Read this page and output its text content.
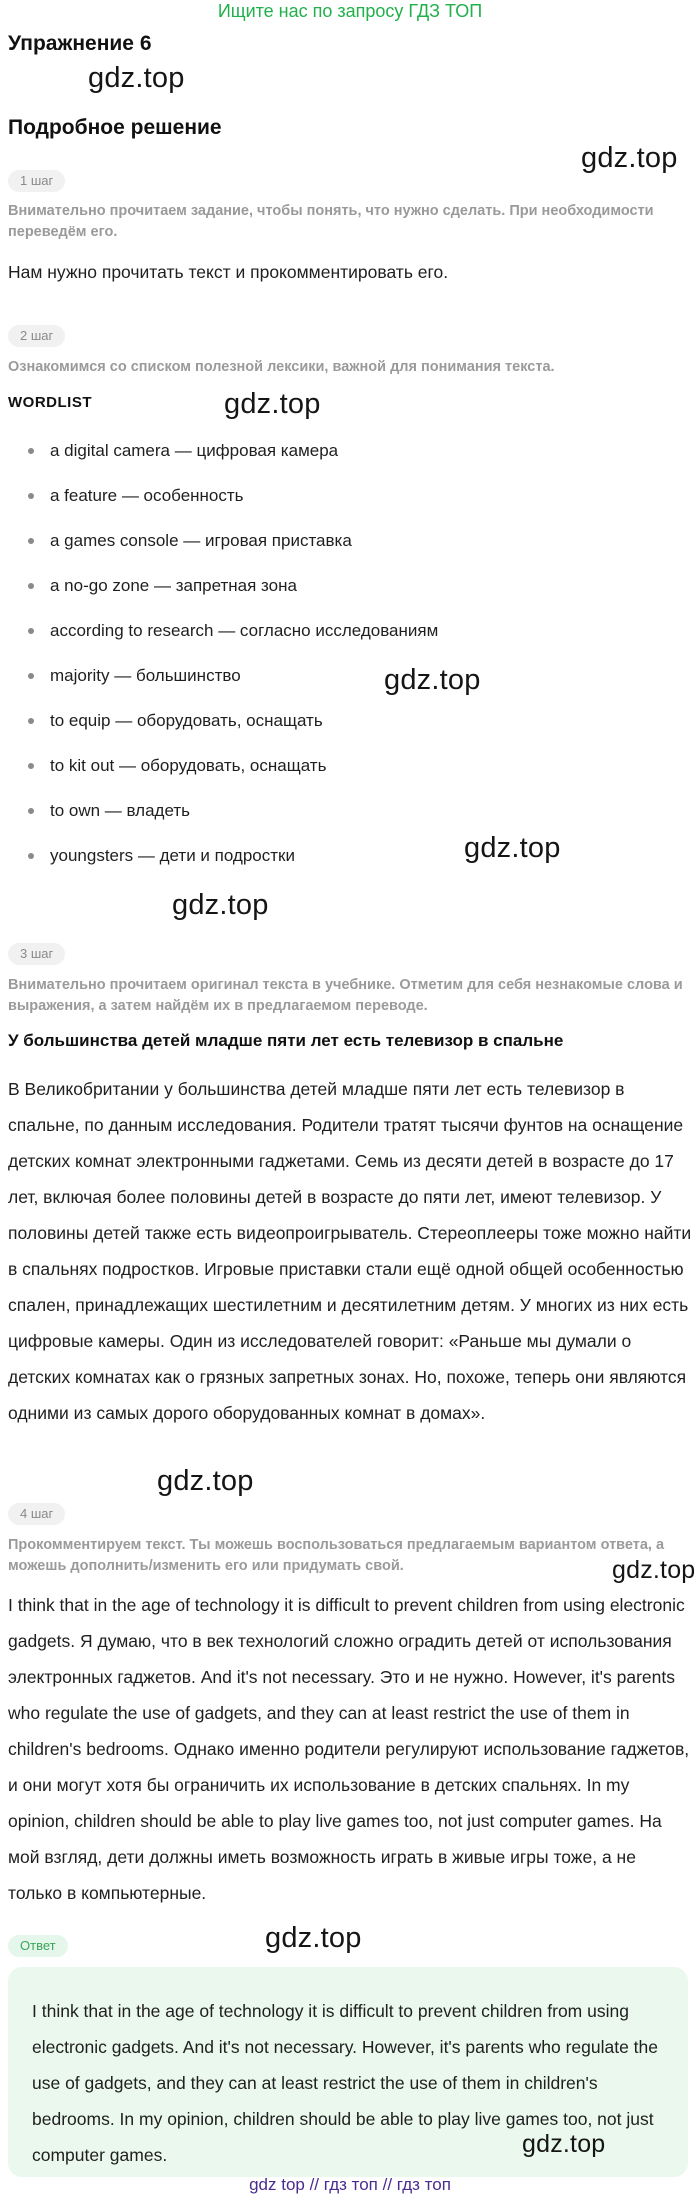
Ищите нас по запросу ГДЗ ТОП
Упражнение 6
gdz.top
Подробное решение
gdz.top
1 шаг
Внимательно прочитаем задание, чтобы понять, что нужно сделать. При необходимости переведём его.
Нам нужно прочитать текст и прокомментировать его.
2 шаг
Ознакомимся со списком полезной лексики, важной для понимания текста.
WORDLIST	gdz.top
a digital camera — цифровая камера
a feature — особенность
a games console — игровая приставка
a no-go zone — запретная зона
according to research — согласно исследованиям
majority — большинство
to equip — оборудовать, оснащать
to kit out — оборудовать, оснащать
to own — владеть
youngsters — дети и подростки
gdz.top
gdz.top
gdz.top
3 шаг
Внимательно прочитаем оригинал текста в учебнике. Отметим для себя незнакомые слова и выражения, а затем найдём их в предлагаемом переводе.
У большинства детей младше пяти лет есть телевизор в спальне
В Великобритании у большинства детей младше пяти лет есть телевизор в спальне, по данным исследования. Родители тратят тысячи фунтов на оснащение детских комнат электронными гаджетами. Семь из десяти детей в возрасте до 17 лет, включая более половины детей в возрасте до пяти лет, имеют телевизор. У половины детей также есть видеопроигрыватель. Стереоплееры тоже можно найти в спальнях подростков. Игровые приставки стали ещё одной общей особенностью спален, принадлежащих шестилетним и десятилетним детям. У многих из них есть цифровые камеры. Один из исследователей говорит: «Раньше мы думали о детских комнатах как о грязных запретных зонах. Но, похоже, теперь они являются одними из самых дорого оборудованных комнат в домах».
gdz.top
4 шаг
Прокомментируем текст. Ты можешь воспользоваться предлагаемым вариантом ответа, а можешь дополнить/изменить его или придумать свой.	gdz.top
I think that in the age of technology it is difficult to prevent children from using electronic gadgets. Я думаю, что в век технологий сложно оградить детей от использования электронных гаджетов. And it's not necessary. Это и не нужно. However, it's parents who regulate the use of gadgets, and they can at least restrict the use of them in children's bedrooms. Однако именно родители регулируют использование гаджетов, и они могут хотя бы ограничить их использование в детских спальнях. In my opinion, children should be able to play live games too, not just computer games. На мой взгляд, дети должны иметь возможность играть в живые игры тоже, а не только в компьютерные.
Ответ	gdz.top
I think that in the age of technology it is difficult to prevent children from using electronic gadgets. And it's not necessary. However, it's parents who regulate the use of gadgets, and they can at least restrict the use of them in children's bedrooms. In my opinion, children should be able to play live games too, not just computer games.	gdz.top
gdz top // гдз топ // гдз топ
